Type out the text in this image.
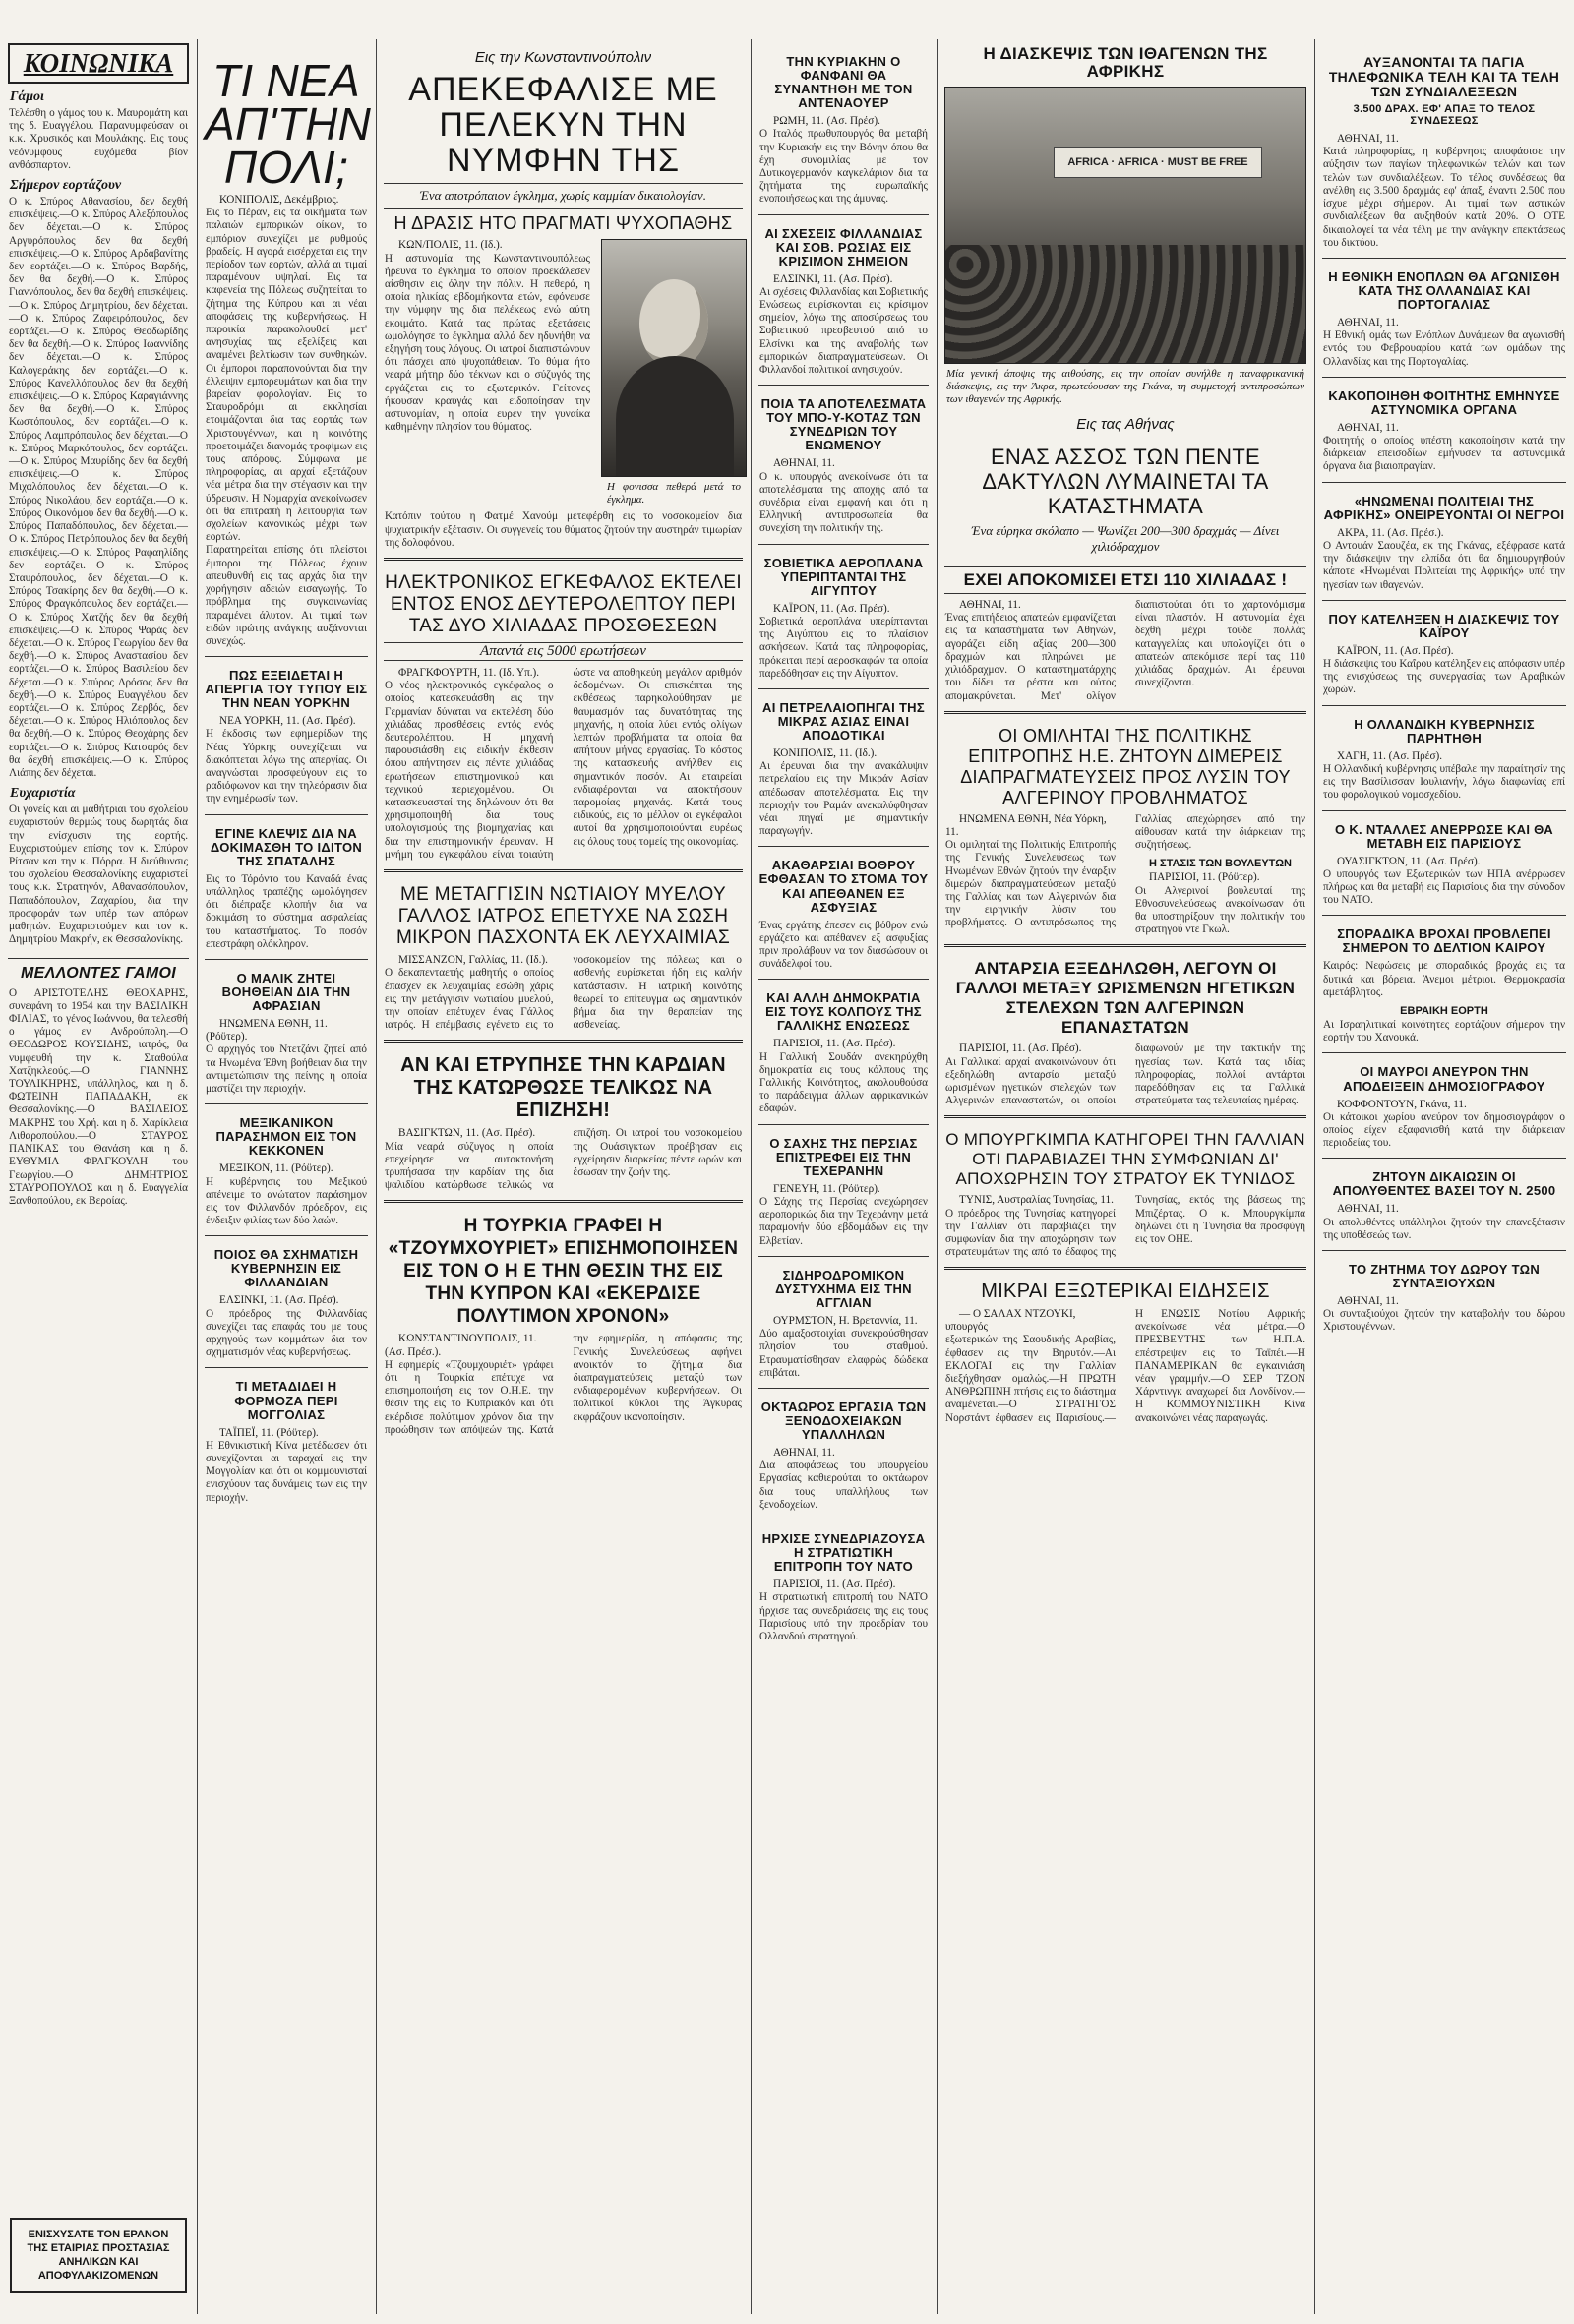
ΚΟΙΝΩΝΙΚΑ
Γάμοι

Τελέσθη ο γάμος του κ. Μαυρομάτη και της δ. Ευαγγέλου. Παρανυμφεύσαν οι κ.κ. Χρυσικός και Μουλάκης. Εις τους νεόνυμφους ευχόμεθα βίον ανθόσπαρτον.

Σήμερον εορτάζουν

Ο κ. Σπύρος Αθανασίου, δεν δεχθή επισκέψεις.—Ο κ. Σπύρος Αλεξόπουλος δεν δέχεται.—Ο κ. Σπύρος Αργυρόπουλος δεν θα δεχθή επισκέψεις.—Ο κ. Σπύρος Αρδαβανίτης δεν εορτάζει.—Ο κ. Σπύρος Βαρδής, δεν θα δεχθή.—Ο κ. Σπύρος Γιαννόπουλος, δεν θα δεχθή επισκέψεις.—Ο κ. Σπύρος Δημητρίου, δεν δέχεται.—Ο κ. Σπύρος Ζαφειρόπουλος, δεν εορτάζει.—Ο κ. Σπύρος Θεοδωρίδης δεν θα δεχθή.—Ο κ. Σπύρος Ιωαννίδης δεν δέχεται.—Ο κ. Σπύρος Καλογεράκης δεν εορτάζει.—Ο κ. Σπύρος Κανελλόπουλος δεν θα δεχθή επισκέψεις.—Ο κ. Σπύρος Καραγιάννης δεν θα δεχθή.—Ο κ. Σπύρος Κωστόπουλος, δεν εορτάζει.—Ο κ. Σπύρος Λαμπρόπουλος δεν δέχεται.—Ο κ. Σπύρος Μαρκόπουλος, δεν εορτάζει.—Ο κ. Σπύρος Μαυρίδης δεν θα δεχθή επισκέψεις.—Ο κ. Σπύρος Μιχαλόπουλος δεν δέχεται.—Ο κ. Σπύρος Νικολάου, δεν εορτάζει.—Ο κ. Σπύρος Οικονόμου δεν θα δεχθή.—Ο κ. Σπύρος Παπαδόπουλος, δεν δέχεται.—Ο κ. Σπύρος Πετρόπουλος δεν θα δεχθή επισκέψεις.—Ο κ. Σπύρος Ραφαηλίδης δεν εορτάζει.—Ο κ. Σπύρος Σταυρόπουλος, δεν δέχεται.—Ο κ. Σπύρος Τσακίρης δεν θα δεχθή.—Ο κ. Σπύρος Φραγκόπουλος δεν εορτάζει.—Ο κ. Σπύρος Χατζής δεν θα δεχθή επισκέψεις.—Ο κ. Σπύρος Ψαράς δεν δέχεται.—Ο κ. Σπύρος Γεωργίου δεν θα δεχθή.—Ο κ. Σπύρος Αναστασίου δεν εορτάζει.—Ο κ. Σπύρος Βασιλείου δεν δέχεται.—Ο κ. Σπύρος Δρόσος δεν θα δεχθή.—Ο κ. Σπύρος Ευαγγέλου δεν εορτάζει.—Ο κ. Σπύρος Ζερβός, δεν δέχεται.—Ο κ. Σπύρος Ηλιόπουλος δεν θα δεχθή.—Ο κ. Σπύρος Θεοχάρης δεν εορτάζει.—Ο κ. Σπύρος Κατσαρός δεν θα δεχθή επισκέψεις.—Ο κ. Σπύρος Λιάπης δεν δέχεται.

Ευχαριστία

Οι γονείς και αι μαθήτριαι του σχολείου ευχαριστούν θερμώς τους δωρητάς δια την ενίσχυσιν της εορτής. Ευχαριστούμεν επίσης τον κ. Σπύρον Ρίτσαν και την κ. Πόρρα. Η διεύθυνσις του σχολείου Θεσσαλονίκης ευχαριστεί τους κ.κ. Στρατηγόν, Αθανασόπουλον, Παπαδόπουλον, Ζαχαρίου, δια την προσφοράν των υπέρ των απόρων μαθητών. Ευχαριστούμεν και τον κ. Δημητρίου Μακρήν, εκ Θεσσαλονίκης.

ΜΕΛΛΟΝΤΕΣ ΓΑΜΟΙ

Ο ΑΡΙΣΤΟΤΕΛΗΣ ΘΕΟΧΑΡΗΣ, συνεφάνη το 1954 και την ΒΑΣΙΛΙΚΗ ΦΙΛΙΑΣ, το γένος Ιωάννου, θα τελεσθή ο γάμος εν Ανδρούπολη.—Ο ΘΕΟΔΩΡΟΣ ΚΟΥΣΙΔΗΣ, ιατρός, θα νυμφευθή την κ. Σταθούλα Χατζηκλεούς.—Ο ΓΙΑΝΝΗΣ ΤΟΥΛΙΚΗΡΗΣ, υπάλληλος, και η δ. ΦΩΤΕΙΝΗ ΠΑΠΑΔΑΚΗ, εκ Θεσσαλονίκης.—Ο ΒΑΣΙΛΕΙΟΣ ΜΑΚΡΗΣ του Χρή. και η δ. Χαρίκλεια Λιθαροπούλου.—Ο ΣΤΑΥΡΟΣ ΠΑΝΙΚΑΣ του Θανάση και η δ. ΕΥΘΥΜΙΑ ΦΡΑΓΚΟΥΛΗ του Γεωργίου.—Ο ΔΗΜΗΤΡΙΟΣ ΣΤΑΥΡΟΠΟΥΛΟΣ και η δ. Ευαγγελία Ξανθοπούλου, εκ Βεροίας.

ΕΝΙΣΧΥΣΑΤΕ ΤΟΝ ΕΡΑΝΟΝ ΤΗΣ ΕΤΑΙΡΙΑΣ ΠΡΟΣΤΑΣΙΑΣ ΑΝΗΛΙΚΩΝ ΚΑΙ ΑΠΟΦΥΛΑΚΙΖΟΜΕΝΩΝ
ΤΙ ΝΕΑ ΑΠ'ΤΗΝ ΠΟΛΙ;

ΚΟΝΙΠΟΛΙΣ, Δεκέμβριος.

Εις το Πέραν, εις τα οικήματα των παλαιών εμπορικών οίκων, το εμπόριον συνεχίζει με ρυθμούς βραδείς. Η αγορά εισέρχεται εις την περίοδον των εορτών, αλλά αι τιμαί παραμένουν υψηλαί. Εις τα καφενεία της Πόλεως συζητείται το ζήτημα της Κύπρου και αι νέαι αποφάσεις της κυβερνήσεως. Η παροικία παρακολουθεί μετ' ανησυχίας τας εξελίξεις και αναμένει βελτίωσιν των συνθηκών. Οι έμποροι παραπονούνται δια την έλλειψιν εμπορευμάτων και δια την βαρείαν φορολογίαν. Εις το Σταυροδρόμι αι εκκλησίαι ετοιμάζονται δια τας εορτάς των Χριστουγέννων, και η κοινότης προετοιμάζει διανομάς τροφίμων εις τους απόρους. Σύμφωνα με πληροφορίας, αι αρχαί εξετάζουν νέα μέτρα δια την στέγασιν και την ύδρευσιν. Η Νομαρχία ανεκοίνωσεν ότι θα επιτραπή η λειτουργία των σχολείων κανονικώς μέχρι των εορτών.

Παρατηρείται επίσης ότι πλείστοι έμποροι της Πόλεως έχουν απευθυνθή εις τας αρχάς δια την χορήγησιν αδειών εισαγωγής. Το πρόβλημα της συγκοινωνίας παραμένει άλυτον. Αι τιμαί των ειδών πρώτης ανάγκης αυξάνονται συνεχώς.

ΠΩΣ ΕΞΕΙΔΕΤΑΙ Η ΑΠΕΡΓΙΑ ΤΟΥ ΤΥΠΟΥ ΕΙΣ ΤΗΝ ΝΕΑΝ ΥΟΡΚΗΝ

ΝΕΑ ΥΟΡΚΗ, 11. (Ασ. Πρέσ).

Η έκδοσις των εφημερίδων της Νέας Υόρκης συνεχίζεται να διακόπτεται λόγω της απεργίας. Οι αναγνώσται προσφεύγουν εις το ραδιόφωνον και την τηλεόρασιν δια την ενημέρωσίν των.

ΕΓΙΝΕ ΚΛΕΨΙΣ ΔΙΑ ΝΑ ΔΟΚΙΜΑΣΘΗ ΤΟ ΙΔΙΤΟΝ ΤΗΣ ΣΠΑΤΑΛΗΣ

Εις το Τόρόντο του Καναδά ένας υπάλληλος τραπέζης ωμολόγησεν ότι διέπραξε κλοπήν δια να δοκιμάση το σύστημα ασφαλείας του καταστήματος. Το ποσόν επεστράφη ολόκληρον.

Ο ΜΑΛΙΚ ΖΗΤΕΙ ΒΟΗΘΕΙΑΝ ΔΙΑ ΤΗΝ ΑΦΡΑΣΙΑΝ

ΗΝΩΜΕΝΑ ΕΘΝΗ, 11. (Ρόϋτερ).

Ο αρχηγός του Ντετζάνι ζητεί από τα Ηνωμένα Έθνη βοήθειαν δια την αντιμετώπισιν της πείνης η οποία μαστίζει την περιοχήν.

ΜΕΞΙΚΑΝΙΚΟΝ ΠΑΡΑΣΗΜΟΝ ΕΙΣ ΤΟΝ ΚΕΚΚΟΝΕΝ

ΜΕΞΙΚΟΝ, 11. (Ρόϋτερ).

Η κυβέρνησις του Μεξικού απένειμε το ανώτατον παράσημον εις τον Φιλλανδόν πρόεδρον, εις ένδειξιν φιλίας των δύο λαών.

ΠΟΙΟΣ ΘΑ ΣΧΗΜΑΤΙΣΗ ΚΥΒΕΡΝΗΣΙΝ ΕΙΣ ΦΙΛΛΑΝΔΙΑΝ

ΕΛΣΙΝΚΙ, 11. (Ασ. Πρέσ).

Ο πρόεδρος της Φιλλανδίας συνεχίζει τας επαφάς του με τους αρχηγούς των κομμάτων δια τον σχηματισμόν νέας κυβερνήσεως.

ΤΙ ΜΕΤΑΔΙΔΕΙ Η ΦΟΡΜΟΖΑ ΠΕΡΙ ΜΟΓΓΟΛΙΑΣ

ΤΑΪΠΕΪ, 11. (Ρόϋτερ).

Η Εθνικιστική Κίνα μετέδωσεν ότι συνεχίζονται αι ταραχαί εις την Μογγολίαν και ότι οι κομμουνισταί ενισχύουν τας δυνάμεις των εις την περιοχήν.

Εις την Κωνσταντινούπολιν
ΑΠΕΚΕΦΑΛΙΣΕ ΜΕ ΠΕΛΕΚΥΝ ΤΗΝ ΝΥΜΦΗΝ ΤΗΣ
Ένα αποτρόπαιον έγκλημα, χωρίς καμμίαν δικαιολογίαν.
Η ΔΡΑΣΙΣ ΗΤΟ ΠΡΑΓΜΑΤΙ ΨΥΧΟΠΑΘΗΣ

ΚΩΝ/ΠΟΛΙΣ, 11. (Ιδ.).

Η αστυνομία της Κωνσταντινουπόλεως ήρευνα το έγκλημα το οποίον προεκάλεσεν αίσθησιν εις όλην την πόλιν. Η πεθερά, η οποία ηλικίας εβδομήκοντα ετών, εφόνευσε την νύμφην της δια πελέκεως ενώ αύτη εκοιμάτο. Κατά τας πρώτας εξετάσεις ωμολόγησε το έγκλημα αλλά δεν ηδυνήθη να εξηγήση τους λόγους. Οι ιατροί διαπιστώνουν ότι πάσχει από ψυχοπάθειαν. Το θύμα ήτο νεαρά μήτηρ δύο τέκνων και ο σύζυγός της εργάζεται εις το εξωτερικόν. Γείτονες ήκουσαν κραυγάς και ειδοποίησαν την αστυνομίαν, η οποία ευρεν την γυναίκα καθημένην πλησίον του θύματος.

Η φονισσα πεθερά μετά το έγκλημα.

Κατόπιν τούτου η Φατμέ Χανούμ μετεφέρθη εις το νοσοκομείον δια ψυχιατρικήν εξέτασιν. Οι συγγενείς του θύματος ζητούν την αυστηράν τιμωρίαν της δολοφόνου.

ΗΛΕΚΤΡΟΝΙΚΟΣ ΕΓΚΕΦΑΛΟΣ ΕΚΤΕΛΕΙ ΕΝΤΟΣ ΕΝΟΣ ΔΕΥΤΕΡΟΛΕΠΤΟΥ ΠΕΡΙ ΤΑΣ ΔΥΟ ΧΙΛΙΑΔΑΣ ΠΡΟΣΘΕΣΕΩΝ
Απαντά εις 5000 ερωτήσεων

ΦΡΑΓΚΦΟΥΡΤΗ, 11. (Ιδ. Υπ.).

Ο νέος ηλεκτρονικός εγκέφαλος ο οποίος κατεσκευάσθη εις την Γερμανίαν δύναται να εκτελέση δύο χιλιάδας προσθέσεις εντός ενός δευτερολέπτου. Η μηχανή παρουσιάσθη εις ειδικήν έκθεσιν όπου απήντησεν εις πέντε χιλιάδας ερωτήσεων επιστημονικού και τεχνικού περιεχομένου. Οι κατασκευασταί της δηλώνουν ότι θα χρησιμοποιηθή δια τους υπολογισμούς της βιομηχανίας και δια την επιστημονικήν έρευναν. Η μνήμη του εγκεφάλου είναι τοιαύτη ώστε να αποθηκεύη μεγάλον αριθμόν δεδομένων. Οι επισκέπται της εκθέσεως παρηκολούθησαν με θαυμασμόν τας δυνατότητας της μηχανής, η οποία λύει εντός ολίγων λεπτών προβλήματα τα οποία θα απήτουν μήνας εργασίας. Το κόστος της κατασκευής ανήλθεν εις σημαντικόν ποσόν. Αι εταιρείαι ενδιαφέρονται να αποκτήσουν παρομοίας μηχανάς. Κατά τους ειδικούς, εις το μέλλον οι εγκέφαλοι αυτοί θα χρησιμοποιούνται ευρέως εις όλους τους τομείς της οικονομίας.

ΜΕ ΜΕΤΑΓΓΙΣΙΝ ΝΩΤΙΑΙΟΥ ΜΥΕΛΟΥ ΓΑΛΛΟΣ ΙΑΤΡΟΣ ΕΠΕΤΥΧΕ ΝΑ ΣΩΣΗ ΜΙΚΡΟΝ ΠΑΣΧΟΝΤΑ ΕΚ ΛΕΥΧΑΙΜΙΑΣ

ΜΙΣΣΑΝΖΟΝ, Γαλλίας, 11. (Ιδ.).

Ο δεκαπενταετής μαθητής ο οποίος έπασχεν εκ λευχαιμίας εσώθη χάρις εις την μετάγγισιν νωτιαίου μυελού, την οποίαν επέτυχεν ένας Γάλλος ιατρός. Η επέμβασις εγένετο εις το νοσοκομείον της πόλεως και ο ασθενής ευρίσκεται ήδη εις καλήν κατάστασιν. Η ιατρική κοινότης θεωρεί το επίτευγμα ως σημαντικόν βήμα δια την θεραπείαν της ασθενείας.

ΑΝ ΚΑΙ ΕΤΡΥΠΗΣΕ ΤΗΝ ΚΑΡΔΙΑΝ ΤΗΣ ΚΑΤΩΡΘΩΣΕ ΤΕΛΙΚΩΣ ΝΑ ΕΠΙΖΗΣΗ!

ΒΑΣΙΓΚΤΩΝ, 11. (Ασ. Πρέσ).

Μία νεαρά σύζυγος η οποία επεχείρησε να αυτοκτονήση τρυπήσασα την καρδίαν της δια ψαλιδίου κατώρθωσε τελικώς να επιζήση. Οι ιατροί του νοσοκομείου της Ουάσιγκτων προέβησαν εις εγχείρησιν διαρκείας πέντε ωρών και έσωσαν την ζωήν της.

Η ΤΟΥΡΚΙΑ ΓΡΑΦΕΙ Η «ΤΖΟΥΜΧΟΥΡΙΕΤ» ΕΠΙΣΗΜΟΠΟΙΗΣΕΝ ΕΙΣ ΤΟΝ Ο Η Ε ΤΗΝ ΘΕΣΙΝ ΤΗΣ ΕΙΣ ΤΗΝ ΚΥΠΡΟΝ ΚΑΙ «ΕΚΕΡΔΙΣΕ ΠΟΛΥΤΙΜΟΝ ΧΡΟΝΟΝ»

ΚΩΝΣΤΑΝΤΙΝΟΥΠΟΛΙΣ, 11. (Ασ. Πρέσ.).

Η εφημερίς «Τζουμχουριέτ» γράφει ότι η Τουρκία επέτυχε να επισημοποιήση εις τον Ο.Η.Ε. την θέσιν της εις το Κυπριακόν και ότι εκέρδισε πολύτιμον χρόνον δια την προώθησιν των απόψεών της. Κατά την εφημερίδα, η απόφασις της Γενικής Συνελεύσεως αφήνει ανοικτόν το ζήτημα δια διαπραγματεύσεις μεταξύ των ενδιαφερομένων κυβερνήσεων. Οι πολιτικοί κύκλοι της Άγκυρας εκφράζουν ικανοποίησιν.

ΤΗΝ ΚΥΡΙΑΚΗΝ Ο ΦΑΝΦΑΝΙ ΘΑ ΣΥΝΑΝΤΗΘΗ ΜΕ ΤΟΝ ΑΝΤΕΝΑΟΥΕΡ

ΡΩΜΗ, 11. (Ασ. Πρέσ).

Ο Ιταλός πρωθυπουργός θα μεταβή την Κυριακήν εις την Βόνην όπου θα έχη συνομιλίας με τον Δυτικογερμανόν καγκελάριον δια τα ζητήματα της ευρωπαϊκής ενοποιήσεως και της άμυνας.

ΑΙ ΣΧΕΣΕΙΣ ΦΙΛΛΑΝΔΙΑΣ ΚΑΙ ΣΟΒ. ΡΩΣΙΑΣ ΕΙΣ ΚΡΙΣΙΜΟΝ ΣΗΜΕΙΟΝ

ΕΛΣΙΝΚΙ, 11. (Ασ. Πρέσ).

Αι σχέσεις Φιλλανδίας και Σοβιετικής Ενώσεως ευρίσκονται εις κρίσιμον σημείον, λόγω της αποσύρσεως του Σοβιετικού πρεσβευτού από το Ελσίνκι και της αναβολής των εμπορικών διαπραγματεύσεων. Οι Φιλλανδοί πολιτικοί ανησυχούν.

ΠΟΙΑ ΤΑ ΑΠΟΤΕΛΕΣΜΑΤΑ ΤΟΥ ΜΠΟ-Υ-ΚΟΤΑΖ ΤΩΝ ΣΥΝΕΔΡΙΩΝ ΤΟΥ ΕΝΩΜΕΝΟΥ

ΑΘΗΝΑΙ, 11.

Ο κ. υπουργός ανεκοίνωσε ότι τα αποτελέσματα της αποχής από τα συνέδρια είναι εμφανή και ότι η Ελληνική αντιπροσωπεία θα συνεχίση την πολιτικήν της.

ΣΟΒΙΕΤΙΚΑ ΑΕΡΟΠΛΑΝΑ ΥΠΕΡΙΠΤΑΝΤΑΙ ΤΗΣ ΑΙΓΥΠΤΟΥ

ΚΑΪΡΟΝ, 11. (Ασ. Πρέσ).

Σοβιετικά αεροπλάνα υπερίπτανται της Αιγύπτου εις το πλαίσιον ασκήσεων. Κατά τας πληροφορίας, πρόκειται περί αεροσκαφών τα οποία παρεδόθησαν εις την Αίγυπτον.

ΑΙ ΠΕΤΡΕΛΑΙΟΠΗΓΑΙ ΤΗΣ ΜΙΚΡΑΣ ΑΣΙΑΣ ΕΙΝΑΙ ΑΠΟΔΟΤΙΚΑΙ

ΚΟΝΙΠΟΛΙΣ, 11. (Ιδ.).

Αι έρευναι δια την ανακάλυψιν πετρελαίου εις την Μικράν Ασίαν απέδωσαν αποτελέσματα. Εις την περιοχήν του Ραμάν ανεκαλύφθησαν νέαι πηγαί με σημαντικήν παραγωγήν.

ΑΚΑΘΑΡΣΙΑΙ ΒΟΘΡΟΥ ΕΦΘΑΣΑΝ ΤΟ ΣΤΟΜΑ ΤΟΥ ΚΑΙ ΑΠΕΘΑΝΕΝ ΕΞ ΑΣΦΥΞΙΑΣ

Ένας εργάτης έπεσεν εις βόθρον ενώ εργάζετο και απέθανεν εξ ασφυξίας πριν προλάβουν να τον διασώσουν οι συνάδελφοί του.

ΚΑΙ ΑΛΛΗ ΔΗΜΟΚΡΑΤΙΑ ΕΙΣ ΤΟΥΣ ΚΟΛΠΟΥΣ ΤΗΣ ΓΑΛΛΙΚΗΣ ΕΝΩΣΕΩΣ

ΠΑΡΙΣΙΟΙ, 11. (Ασ. Πρέσ).

Η Γαλλική Σουδάν ανεκηρύχθη δημοκρατία εις τους κόλπους της Γαλλικής Κοινότητος, ακολουθούσα το παράδειγμα άλλων αφρικανικών εδαφών.

Ο ΣΑΧΗΣ ΤΗΣ ΠΕΡΣΙΑΣ ΕΠΙΣΤΡΕΦΕΙ ΕΙΣ ΤΗΝ ΤΕΧΕΡΑΝΗΝ

ΓΕΝΕΥΗ, 11. (Ρόϋτερ).

Ο Σάχης της Περσίας ανεχώρησεν αεροπορικώς δια την Τεχεράνην μετά παραμονήν δύο εβδομάδων εις την Ελβετίαν.

ΣΙΔΗΡΟΔΡΟΜΙΚΟΝ ΔΥΣΤΥΧΗΜΑ ΕΙΣ ΤΗΝ ΑΓΓΛΙΑΝ

ΟΥΡΜΣΤΟΝ, Η. Βρεταννία, 11.

Δύο αμαξοστοιχίαι συνεκρούσθησαν πλησίον του σταθμού. Ετραυματίσθησαν ελαφρώς δώδεκα επιβάται.

ΟΚΤΑΩΡΟΣ ΕΡΓΑΣΙΑ ΤΩΝ ΞΕΝΟΔΟΧΕΙΑΚΩΝ ΥΠΑΛΛΗΛΩΝ

ΑΘΗΝΑΙ, 11.

Δια αποφάσεως του υπουργείου Εργασίας καθιερούται το οκτάωρον δια τους υπαλλήλους των ξενοδοχείων.

ΗΡΧΙΣΕ ΣΥΝΕΔΡΙΑΖΟΥΣΑ Η ΣΤΡΑΤΙΩΤΙΚΗ ΕΠΙΤΡΟΠΗ ΤΟΥ ΝΑΤΟ

ΠΑΡΙΣΙΟΙ, 11. (Ασ. Πρέσ).

Η στρατιωτική επιτροπή του ΝΑΤΟ ήρχισε τας συνεδριάσεις της εις τους Παρισίους υπό την προεδρίαν του Ολλανδού στρατηγού.

Η ΔΙΑΣΚΕΨΙΣ ΤΩΝ ΙΘΑΓΕΝΩΝ ΤΗΣ ΑΦΡΙΚΗΣ
AFRICA · AFRICA · MUST BE FREE
Μία γενική άποψις της αιθούσης, εις την οποίαν συνήλθε η παναφρικανική διάσκεψις, εις την Άκρα, πρωτεύουσαν της Γκάνα, τη συμμετοχή αντιπροσώπων των ιθαγενών της Αφρικής.
Εις τας Αθήνας
ΕΝΑΣ ΑΣΣΟΣ ΤΩΝ ΠΕΝΤΕ ΔΑΚΤΥΛΩΝ ΛΥΜΑΙΝΕΤΑΙ ΤΑ ΚΑΤΑΣΤΗΜΑΤΑ
Ένα εύρηκα σκόλαπο — Ψωνίζει 200—300 δραχμάς — Δίνει χιλιόδραχμον
ΕΧΕΙ ΑΠΟΚΟΜΙΣΕΙ ΕΤΣΙ 110 ΧΙΛΙΑΔΑΣ !

ΑΘΗΝΑΙ, 11.

Ένας επιτήδειος απατεών εμφανίζεται εις τα καταστήματα των Αθηνών, αγοράζει είδη αξίας 200—300 δραχμών και πληρώνει με χιλιόδραχμον. Ο καταστηματάρχης του δίδει τα ρέστα και ούτος απομακρύνεται. Μετ' ολίγον διαπιστούται ότι το χαρτονόμισμα είναι πλαστόν. Η αστυνομία έχει δεχθή μέχρι τούδε πολλάς καταγγελίας και υπολογίζει ότι ο απατεών απεκόμισε περί τας 110 χιλιάδας δραχμών. Αι έρευναι συνεχίζονται.

ΟΙ ΟΜΙΛΗΤΑΙ ΤΗΣ ΠΟΛΙΤΙΚΗΣ ΕΠΙΤΡΟΠΗΣ Η.Ε. ΖΗΤΟΥΝ ΔΙΜΕΡΕΙΣ ΔΙΑΠΡΑΓΜΑΤΕΥΣΕΙΣ ΠΡΟΣ ΛΥΣΙΝ ΤΟΥ ΑΛΓΕΡΙΝΟΥ ΠΡΟΒΛΗΜΑΤΟΣ

ΗΝΩΜΕΝΑ ΕΘΝΗ, Νέα Υόρκη, 11.

Οι ομιληταί της Πολιτικής Επιτροπής της Γενικής Συνελεύσεως των Ηνωμένων Εθνών ζητούν την έναρξιν διμερών διαπραγματεύσεων μεταξύ της Γαλλίας και των Αλγερινών δια την ειρηνικήν λύσιν του προβλήματος. Ο αντιπρόσωπος της Γαλλίας απεχώρησεν από την αίθουσαν κατά την διάρκειαν της συζητήσεως.

Η ΣΤΑΣΙΣ ΤΩΝ ΒΟΥΛΕΥΤΩΝ

ΠΑΡΙΣΙΟΙ, 11. (Ρόϋτερ).

Οι Αλγερινοί βουλευταί της Εθνοσυνελεύσεως ανεκοίνωσαν ότι θα υποστηρίξουν την πολιτικήν του στρατηγού ντε Γκωλ.

ΑΝΤΑΡΣΙΑ ΕΞΕΔΗΛΩΘΗ, ΛΕΓΟΥΝ ΟΙ ΓΑΛΛΟΙ ΜΕΤΑΞΥ ΩΡΙΣΜΕΝΩΝ ΗΓΕΤΙΚΩΝ ΣΤΕΛΕΧΩΝ ΤΩΝ ΑΛΓΕΡΙΝΩΝ ΕΠΑΝΑΣΤΑΤΩΝ

ΠΑΡΙΣΙΟΙ, 11. (Ασ. Πρέσ).

Αι Γαλλικαί αρχαί ανακοινώνουν ότι εξεδηλώθη ανταρσία μεταξύ ωρισμένων ηγετικών στελεχών των Αλγερινών επαναστατών, οι οποίοι διαφωνούν με την τακτικήν της ηγεσίας των. Κατά τας ιδίας πληροφορίας, πολλοί αντάρται παρεδόθησαν εις τα Γαλλικά στρατεύματα τας τελευταίας ημέρας.

Ο ΜΠΟΥΡΓΚΙΜΠΑ ΚΑΤΗΓΟΡΕΙ ΤΗΝ ΓΑΛΛΙΑΝ ΟΤΙ ΠΑΡΑΒΙΑΖΕΙ ΤΗΝ ΣΥΜΦΩΝΙΑΝ ΔΙ' ΑΠΟΧΩΡΗΣΙΝ ΤΟΥ ΣΤΡΑΤΟΥ ΕΚ ΤΥΝΙΔΟΣ

ΤΥΝΙΣ, Αυστραλίας Τυνησίας, 11.

Ο πρόεδρος της Τυνησίας κατηγορεί την Γαλλίαν ότι παραβιάζει την συμφωνίαν δια την αποχώρησιν των στρατευμάτων της από το έδαφος της Τυνησίας, εκτός της βάσεως της Μπιζέρτας. Ο κ. Μπουργκίμπα δηλώνει ότι η Τυνησία θα προσφύγη εις τον ΟΗΕ.

ΜΙΚΡΑΙ ΕΞΩΤΕΡΙΚΑΙ ΕΙΔΗΣΕΙΣ

— Ο ΣΑΛΑΧ ΝΤΖΟΥΚΙ, υπουργός

εξωτερικών της Σαουδικής Αραβίας, έφθασεν εις την Βηρυτόν.—Αι ΕΚΛΟΓΑΙ εις την Γαλλίαν διεξήχθησαν ομαλώς.—Η ΠΡΩΤΗ ΑΝΘΡΩΠΙΝΗ πτήσις εις το διάστημα αναμένεται.—Ο ΣΤΡΑΤΗΓΟΣ Νορστάντ έφθασεν εις Παρισίους.—Η ΕΝΩΣΙΣ Νοτίου Αφρικής ανεκοίνωσε νέα μέτρα.—Ο ΠΡΕΣΒΕΥΤΗΣ των Η.Π.Α. επέστρεψεν εις το Ταϊπέι.—Η ΠΑΝΑΜΕΡΙΚΑΝ θα εγκαινιάση νέαν γραμμήν.—Ο ΣΕΡ ΤΖΟΝ Χάρντινγκ αναχωρεί δια Λονδίνον.—Η ΚΟΜΜΟΥΝΙΣΤΙΚΗ Κίνα ανακοινώνει νέας παραγωγάς.

ΑΥΞΑΝΟΝΤΑΙ ΤΑ ΠΑΓΙΑ ΤΗΛΕΦΩΝΙΚΑ ΤΕΛΗ ΚΑΙ ΤΑ ΤΕΛΗ ΤΩΝ ΣΥΝΔΙΑΛΕΞΕΩΝ
3.500 ΔΡΑΧ. ΕΦ' ΑΠΑΞ ΤΟ ΤΕΛΟΣ ΣΥΝΔΕΣΕΩΣ

ΑΘΗΝΑΙ, 11.

Κατά πληροφορίας, η κυβέρνησις αποφάσισε την αύξησιν των παγίων τηλεφωνικών τελών και των τελών των συνδιαλέξεων. Το τέλος συνδέσεως θα ανέλθη εις 3.500 δραχμάς εφ' άπαξ, έναντι 2.500 που ίσχυε μέχρι σήμερον. Αι τιμαί των αστικών συνδιαλέξεων θα αυξηθούν κατά 20%. Ο ΟΤΕ δικαιολογεί τα νέα τέλη με την ανάγκην επεκτάσεως του δικτύου.

Η ΕΘΝΙΚΗ ΕΝΟΠΛΩΝ ΘΑ ΑΓΩΝΙΣΘΗ ΚΑΤΑ ΤΗΣ ΟΛΛΑΝΔΙΑΣ ΚΑΙ ΠΟΡΤΟΓΑΛΙΑΣ

ΑΘΗΝΑΙ, 11.

Η Εθνική ομάς των Ενόπλων Δυνάμεων θα αγωνισθή εντός του Φεβρουαρίου κατά των ομάδων της Ολλανδίας και της Πορτογαλίας.

ΚΑΚΟΠΟΙΗΘΗ ΦΟΙΤΗΤΗΣ ΕΜΗΝΥΣΕ ΑΣΤΥΝΟΜΙΚΑ ΟΡΓΑΝΑ

ΑΘΗΝΑΙ, 11.

Φοιτητής ο οποίος υπέστη κακοποίησιν κατά την διάρκειαν επεισοδίων εμήνυσεν τα αστυνομικά όργανα δια βιαιοπραγίαν.

«ΗΝΩΜΕΝΑΙ ΠΟΛΙΤΕΙΑΙ ΤΗΣ ΑΦΡΙΚΗΣ» ΟΝΕΙΡΕΥΟΝΤΑΙ ΟΙ ΝΕΓΡΟΙ

ΑΚΡΑ, 11. (Ασ. Πρέσ.).

Ο Αντουάν Σαουζέα, εκ της Γκάνας, εξέφρασε κατά την διάσκεψιν την ελπίδα ότι θα δημιουργηθούν κάποτε «Ηνωμέναι Πολιτείαι της Αφρικής» υπό την ηγεσίαν των ιθαγενών.

ΠΟΥ ΚΑΤΕΛΗΞΕΝ Η ΔΙΑΣΚΕΨΙΣ ΤΟΥ ΚΑΪΡΟΥ

ΚΑΪΡΟΝ, 11. (Ασ. Πρέσ).

Η διάσκεψις του Καΐρου κατέληξεν εις απόφασιν υπέρ της ενισχύσεως της συνεργασίας των Αραβικών χωρών.

Η ΟΛΛΑΝΔΙΚΗ ΚΥΒΕΡΝΗΣΙΣ ΠΑΡΗΤΗΘΗ

ΧΑΓΗ, 11. (Ασ. Πρέσ).

Η Ολλανδική κυβέρνησις υπέβαλε την παραίτησίν της εις την Βασίλισσαν Ιουλιανήν, λόγω διαφωνίας επί του φορολογικού νομοσχεδίου.

Ο Κ. ΝΤΑΛΛΕΣ ΑΝΕΡΡΩΣΕ ΚΑΙ ΘΑ ΜΕΤΑΒΗ ΕΙΣ ΠΑΡΙΣΙΟΥΣ

ΟΥΑΣΙΓΚΤΩΝ, 11. (Ασ. Πρέσ).

Ο υπουργός των Εξωτερικών των ΗΠΑ ανέρρωσεν πλήρως και θα μεταβή εις Παρισίους δια την σύνοδον του ΝΑΤΟ.

ΣΠΟΡΑΔΙΚΑ ΒΡΟΧΑΙ ΠΡΟΒΛΕΠΕΙ ΣΗΜΕΡΟΝ ΤΟ ΔΕΛΤΙΟΝ ΚΑΙΡΟΥ

Καιρός: Νεφώσεις με σποραδικάς βροχάς εις τα δυτικά και βόρεια. Άνεμοι μέτριοι. Θερμοκρασία αμετάβλητος.

ΕΒΡΑΙΚΗ ΕΟΡΤΗ

Αι Ισραηλιτικαί κοινότητες εορτάζουν σήμερον την εορτήν του Χανουκά.

ΟΙ ΜΑΥΡΟΙ ΑΝΕΥΡΟΝ ΤΗΝ ΑΠΟΔΕΙΞΕΙΝ ΔΗΜΟΣΙΟΓΡΑΦΟΥ

ΚΟΦΦΟΝΤΟΥΝ, Γκάνα, 11.

Οι κάτοικοι χωρίου ανεύρον τον δημοσιογράφον ο οποίος είχεν εξαφανισθή κατά την διάρκειαν περιοδείας του.

ΖΗΤΟΥΝ ΔΙΚΑΙΩΣΙΝ ΟΙ ΑΠΟΛΥΘΕΝΤΕΣ ΒΑΣΕΙ ΤΟΥ Ν. 2500

ΑΘΗΝΑΙ, 11.

Οι απολυθέντες υπάλληλοι ζητούν την επανεξέτασιν της υποθέσεώς των.

ΤΟ ΖΗΤΗΜΑ ΤΟΥ ΔΩΡΟΥ ΤΩΝ ΣΥΝΤΑΞΙΟΥΧΩΝ

ΑΘΗΝΑΙ, 11.

Οι συνταξιούχοι ζητούν την καταβολήν του δώρου Χριστουγέννων.
